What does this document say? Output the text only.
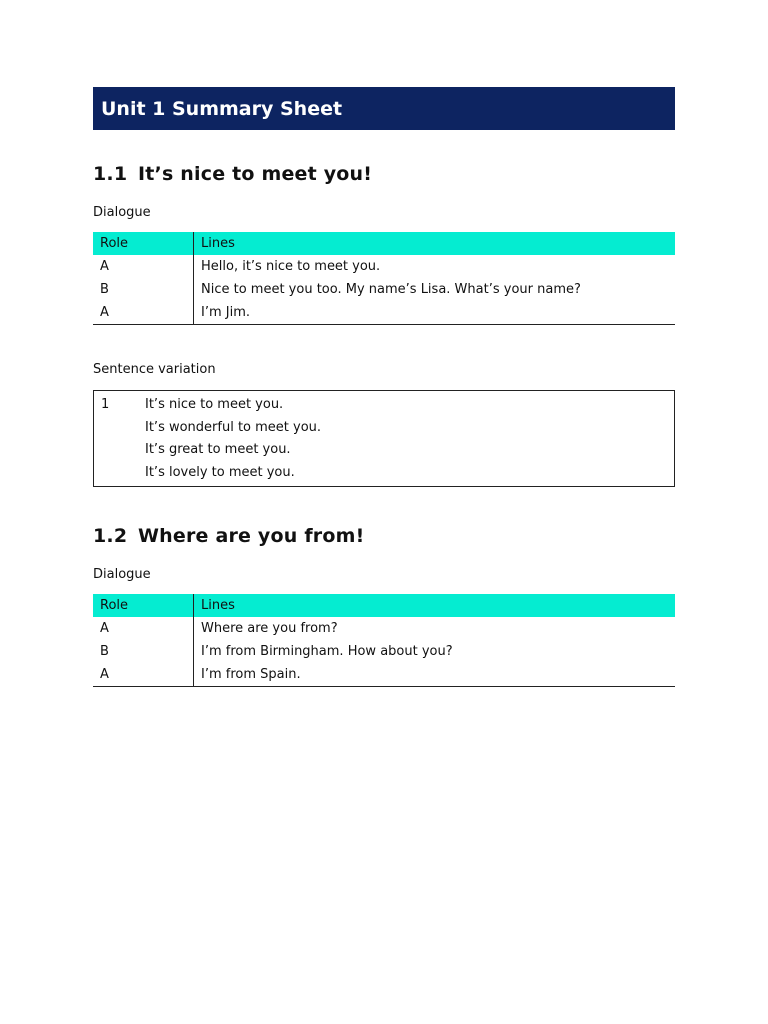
Unit 1 Summary Sheet
1.1 It’s nice to meet you!
Dialogue
Role	Lines
A	Hello, it’s nice to meet you.
B	Nice to meet you too. My name’s Lisa. What’s your name?
A	I’m Jim.
Sentence variation
1	It’s nice to meet you.
It’s wonderful to meet you.
It’s great to meet you.
It’s lovely to meet you.
1.2 Where are you from!
Dialogue
Role	Lines
A	Where are you from?
B	I’m from Birmingham. How about you?
A	I’m from Spain.
